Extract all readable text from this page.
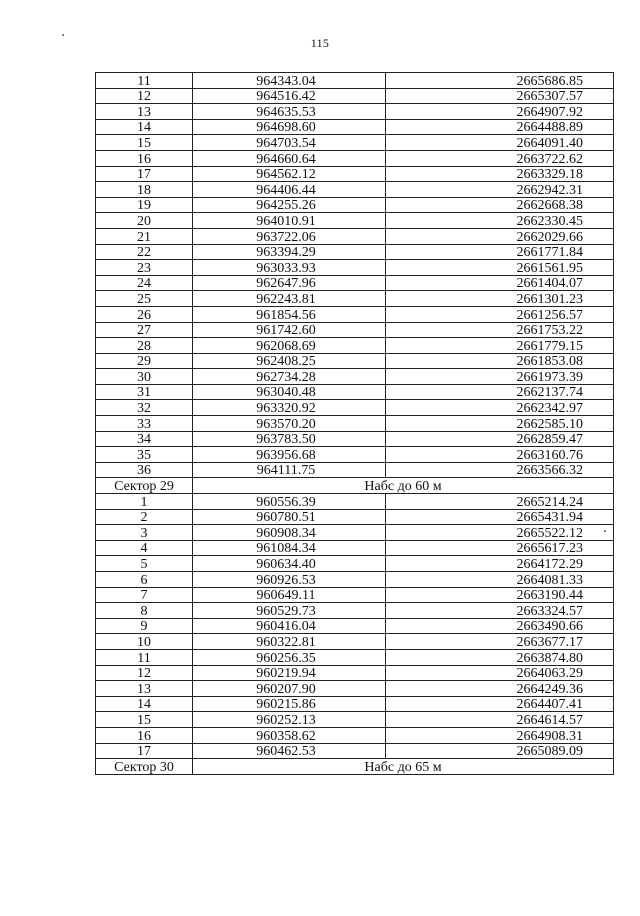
115
11	964343.04	2665686.85
12	964516.42	2665307.57
13	964635.53	2664907.92
14	964698.60	2664488.89
15	964703.54	2664091.40
16	964660.64	2663722.62
17	964562.12	2663329.18
18	964406.44	2662942.31
19	964255.26	2662668.38
20	964010.91	2662330.45
21	963722.06	2662029.66
22	963394.29	2661771.84
23	963033.93	2661561.95
24	962647.96	2661404.07
25	962243.81	2661301.23
26	961854.56	2661256.57
27	961742.60	2661753.22
28	962068.69	2661779.15
29	962408.25	2661853.08
30	962734.28	2661973.39
31	963040.48	2662137.74
32	963320.92	2662342.97
33	963570.20	2662585.10
34	963783.50	2662859.47
35	963956.68	2663160.76
36	964111.75	2663566.32
Сектор 29	Набс до 60 м	
1	960556.39	2665214.24
2	960780.51	2665431.94
3	960908.34	2665522.12
4	961084.34	2665617.23
5	960634.40	2664172.29
6	960926.53	2664081.33
7	960649.11	2663190.44
8	960529.73	2663324.57
9	960416.04	2663490.66
10	960322.81	2663677.17
11	960256.35	2663874.80
12	960219.94	2664063.29
13	960207.90	2664249.36
14	960215.86	2664407.41
15	960252.13	2664614.57
16	960358.62	2664908.31
17	960462.53	2665089.09
Сектор 30	Набс до 65 м	
